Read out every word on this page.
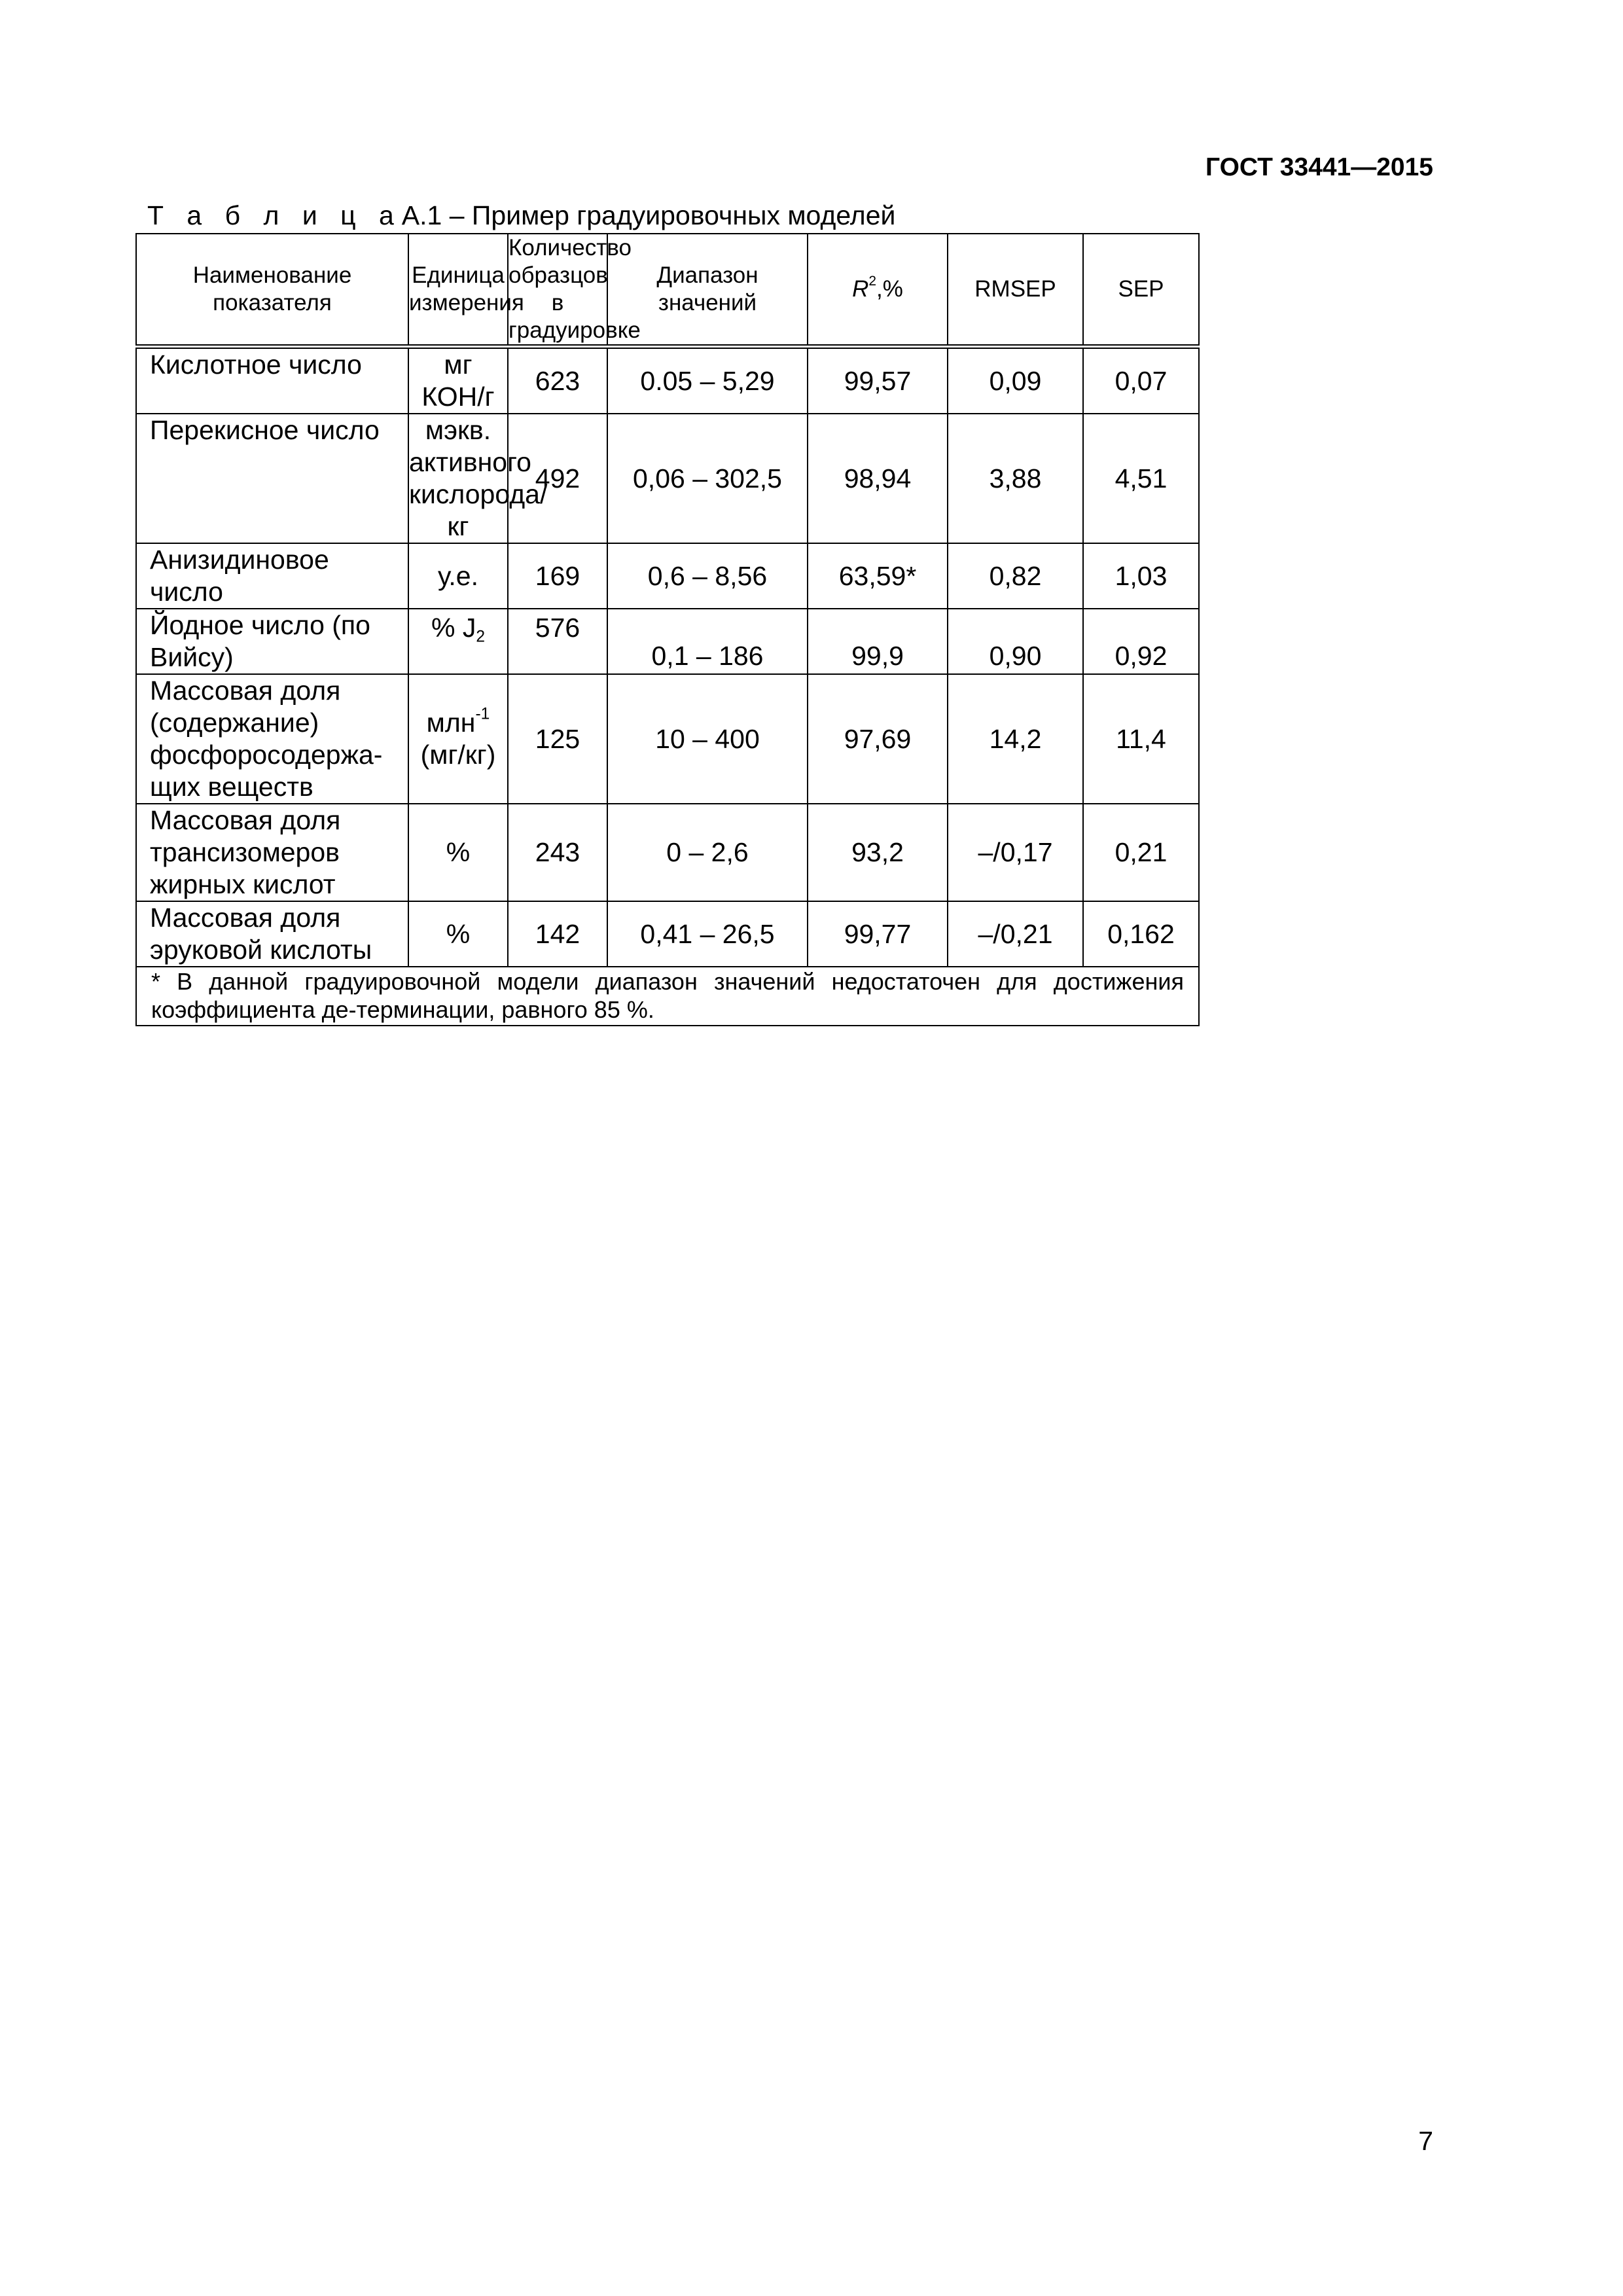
ГОСТ 33441—2015
Т а б л и ц аА.1 – Пример градуировочных моделей
Наименование показателя	Единица измерения	Количество образцов в градуировке	Диапазон значений	$R^2,\%$	RMSEP	SEP
Кислотное число	мг КОН/г	623	0.05 – 5,29	99,57	0,09	0,07
Перекисное число	мэкв. активного кислорода/кг	492	0,06 – 302,5	98,94	3,88	4,51
Анизидиновое число	у.е.	169	0,6 – 8,56	63,59*	0,82	1,03
Йодное число (по Вийсу)	% $J_2$	576	0,1 – 186	99,9	0,90	0,92
Массовая доля (содержание) фосфоросодержа-щих веществ	млн$^{-1}$ (мг/кг)	125	10 – 400	97,69	14,2	11,4
Массовая доля трансизомеров жирных кислот	%	243	0 – 2,6	93,2	–/0,17	0,21
Массовая доля эруковой кислоты	%	142	0,41 – 26,5	99,77	–/0,21	0,162
* В данной градуировочной модели диапазон значений недостаточен для достижения коэффициента де-терминации, равного 85 %.						
7
